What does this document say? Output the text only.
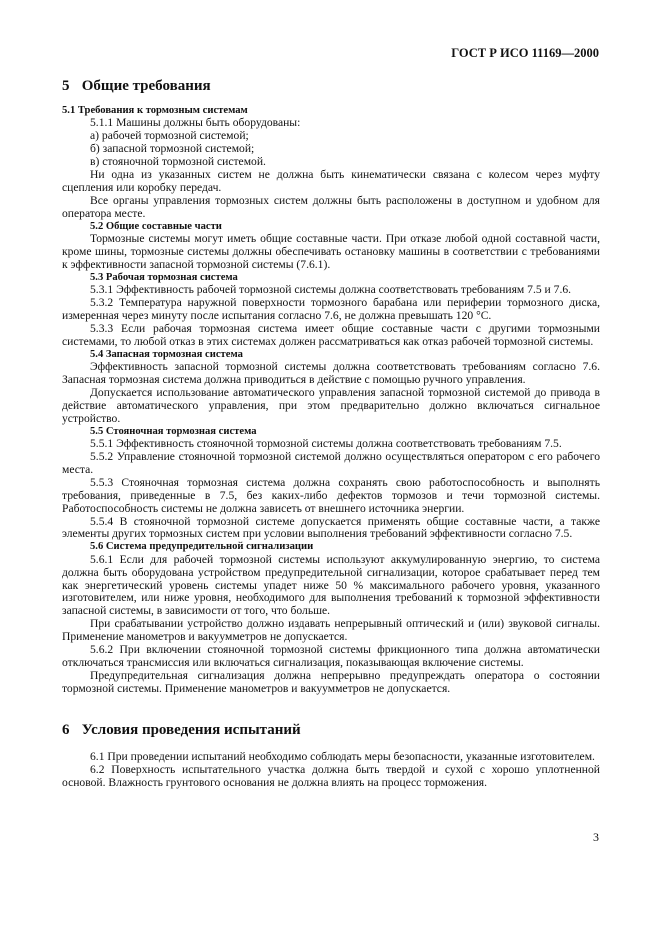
ГОСТ Р ИСО 11169—2000
5 Общие требования
5.1 Требования к тормозным системам

5.1.1 Машины должны быть оборудованы:

а) рабочей тормозной системой;

б) запасной тормозной системой;

в) стояночной тормозной системой.

Ни одна из указанных систем не должна быть кинематически связана с колесом через муфту сцепления или коробку передач.

Все органы управления тормозных систем должны быть расположены в доступном и удобном для оператора месте.

5.2 Общие составные части

Тормозные системы могут иметь общие составные части. При отказе любой одной составной части, кроме шины, тормозные системы должны обеспечивать остановку машины в соответствии с требованиями к эффективности запасной тормозной системы (7.6.1).

5.3 Рабочая тормозная система

5.3.1 Эффективность рабочей тормозной системы должна соответствовать требованиям 7.5 и 7.6.

5.3.2 Температура наружной поверхности тормозного барабана или периферии тормозного диска, измеренная через минуту после испытания согласно 7.6, не должна превышать 120 °С.

5.3.3 Если рабочая тормозная система имеет общие составные части с другими тормозными системами, то любой отказ в этих системах должен рассматриваться как отказ рабочей тормозной системы.

5.4 Запасная тормозная система

Эффективность запасной тормозной системы должна соответствовать требованиям согласно 7.6. Запасная тормозная система должна приводиться в действие с помощью ручного управления.

Допускается использование автоматического управления запасной тормозной системой до привода в действие автоматического управления, при этом предварительно должно включаться сигнальное устройство.

5.5 Стояночная тормозная система

5.5.1 Эффективность стояночной тормозной системы должна соответствовать требованиям 7.5.

5.5.2 Управление стояночной тормозной системой должно осуществляться оператором с его рабочего места.

5.5.3 Стояночная тормозная система должна сохранять свою работоспособность и выполнять требования, приведенные в 7.5, без каких-либо дефектов тормозов и течи тормозной системы. Работоспособность системы не должна зависеть от внешнего источника энергии.

5.5.4 В стояночной тормозной системе допускается применять общие составные части, а также элементы других тормозных систем при условии выполнения требований эффективности согласно 7.5.

5.6 Система предупредительной сигнализации

5.6.1 Если для рабочей тормозной системы используют аккумулированную энергию, то система должна быть оборудована устройством предупредительной сигнализации, которое срабатывает перед тем как энергетический уровень системы упадет ниже 50 % максимального рабочего уровня, указанного изготовителем, или ниже уровня, необходимого для выполнения требований к тормозной эффективности запасной системы, в зависимости от того, что больше.

При срабатывании устройство должно издавать непрерывный оптический и (или) звуковой сигналы. Применение манометров и вакуумметров не допускается.

5.6.2 При включении стояночной тормозной системы фрикционного типа должна автоматически отключаться трансмиссия или включаться сигнализация, показывающая включение системы.

Предупредительная сигнализация должна непрерывно предупреждать оператора о состоянии тормозной системы. Применение манометров и вакуумметров не допускается.

6 Условия проведения испытаний

6.1 При проведении испытаний необходимо соблюдать меры безопасности, указанные изготовителем.

6.2 Поверхность испытательного участка должна быть твердой и сухой с хорошо уплотненной основой. Влажность грунтового основания не должна влиять на процесс торможения.

3
